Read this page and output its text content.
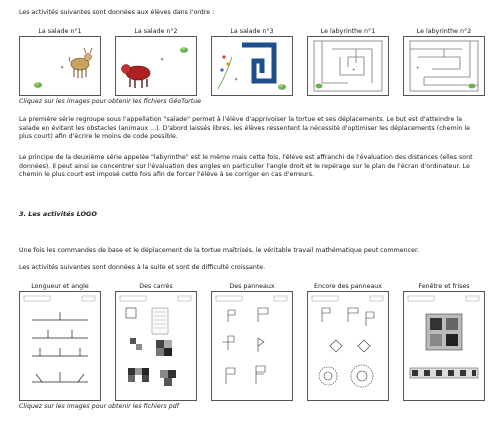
Les activités suivantes sont données aux élèves dans l'ordre :

La salade n°1
✶
La salade n°2
✶
La salade n°3
✶
Le labyrinthe n°1
✶
Le labyrinthe n°2
✶
Cliquez sur les images pour obtenir les fichiers GéoTortue

La première série regroupe sous l'appellation "salade" permet à l'élève d'apprivoiser la tortue et ses déplacements. Le but est d'atteindre la salade en évitant les obstacles (animaux ...). D'abord laissés libres, les élèves ressentent la nécessité d'optimiser les déplacements (chemin le plus court) afin d'écrire le moins de code possible.

Le principe de la deuxième série appelée "labyrinthe" est le même mais cette fois, l'élève est affranchi de l'évaluation des distances (elles sont données). Il peut ainsi se concentrer sur l'évaluation des angles en particulier l'angle droit et le repérage sur le plan de l'écran d'ordinateur. Le chemin le plus court est imposé cette fois afin de forcer l'élève à se corriger en cas d'erreurs.

3. Les activités LOGO

Une fois les commandes de base et le déplacement de la tortue maîtrisés, le véritable travail mathématique peut commencer.

Les activités suivantes sont données à la suite et sont de difficulté croissante.

Longueur et angle	Des carrés	Des panneaux	Encore des panneaux	Fenêtre et frises
Cliquez sur les images pour obtenir les fichiers pdf
